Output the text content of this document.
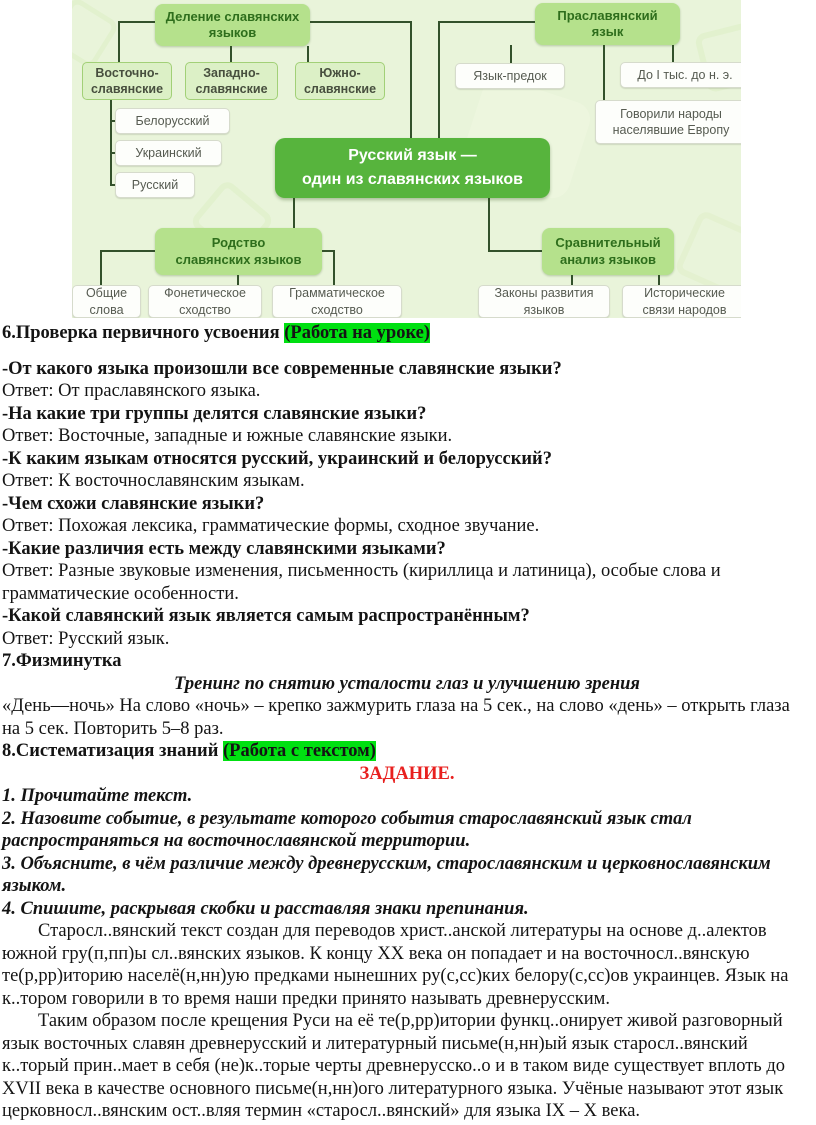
Деление славянских языков
Праславянский язык
Восточно-славянские
Западно-славянские
Южно-славянские
Язык-предок	До I тыс. до н. э.
Белорусский
Украинский
Русский
Говорили народы населявшие Европу
Русский язык —
один из славянских языков
Родство
славянских языков
Сравнительный анализ языков
Общие слова
Фонетическое сходство
Грамматическое сходство
Законы развития языков
Исторические связи народов
6.Проверка первичного усвоения (Работа на уроке)
-От какого языка произошли все современные славянские языки?
Ответ: От праславянского языка.
-На какие три группы делятся славянские языки?
Ответ: Восточные, западные и южные славянские языки.
-К каким языкам относятся русский, украинский и белорусский?
Ответ: К восточнославянским языкам.
-Чем схожи славянские языки?
Ответ: Похожая лексика, грамматические формы, сходное звучание.
-Какие различия есть между славянскими языками?
Ответ: Разные звуковые изменения, письменность (кириллица и латиница), особые слова и грамматические особенности.
-Какой славянский язык является самым распространённым?
Ответ: Русский язык.
7.Физминутка
Тренинг по снятию усталости глаз и улучшению зрения
«День—ночь» На слово «ночь» – крепко зажмурить глаза на 5 сек., на слово «день» – открыть глаза на 5 сек. Повторить 5–8 раз.
8.Систематизация знаний (Работа с текстом)
ЗАДАНИЕ.
1. Прочитайте текст.
2. Назовите событие, в результате которого события старославянский язык стал распространяться на восточнославянской территории.
3. Объясните, в чём различие между древнерусским, старославянским и церковнославянским языком.
4. Спишите, раскрывая скобки и расставляя знаки препинания.
Старосл..вянский текст создан для переводов христ..анской литературы на основе д..алектов южной гру(п,пп)ы сл..вянских языков. К концу XX века он попадает и на восточносл..вянскую те(р,рр)иторию населё(н,нн)ую предками нынешних ру(с,сс)ких белору(с,сс)ов украинцев. Язык на к..тором говорили в то время наши предки принято называть древнерусским.
Таким образом после крещения Руси на её те(р,рр)итории функц..онирует живой разговорный язык восточных славян древнерусский и литературный письме(н,нн)ый язык старосл..вянский к..торый прин..мает в себя (не)к..торые черты древнерусско..о и в таком виде существует вплоть до XVII века в качестве основного письме(н,нн)ого литературного языка. Учёные называют этот язык церковносл..вянским ост..вляя термин «старосл..вянский» для языка IX – X века.
